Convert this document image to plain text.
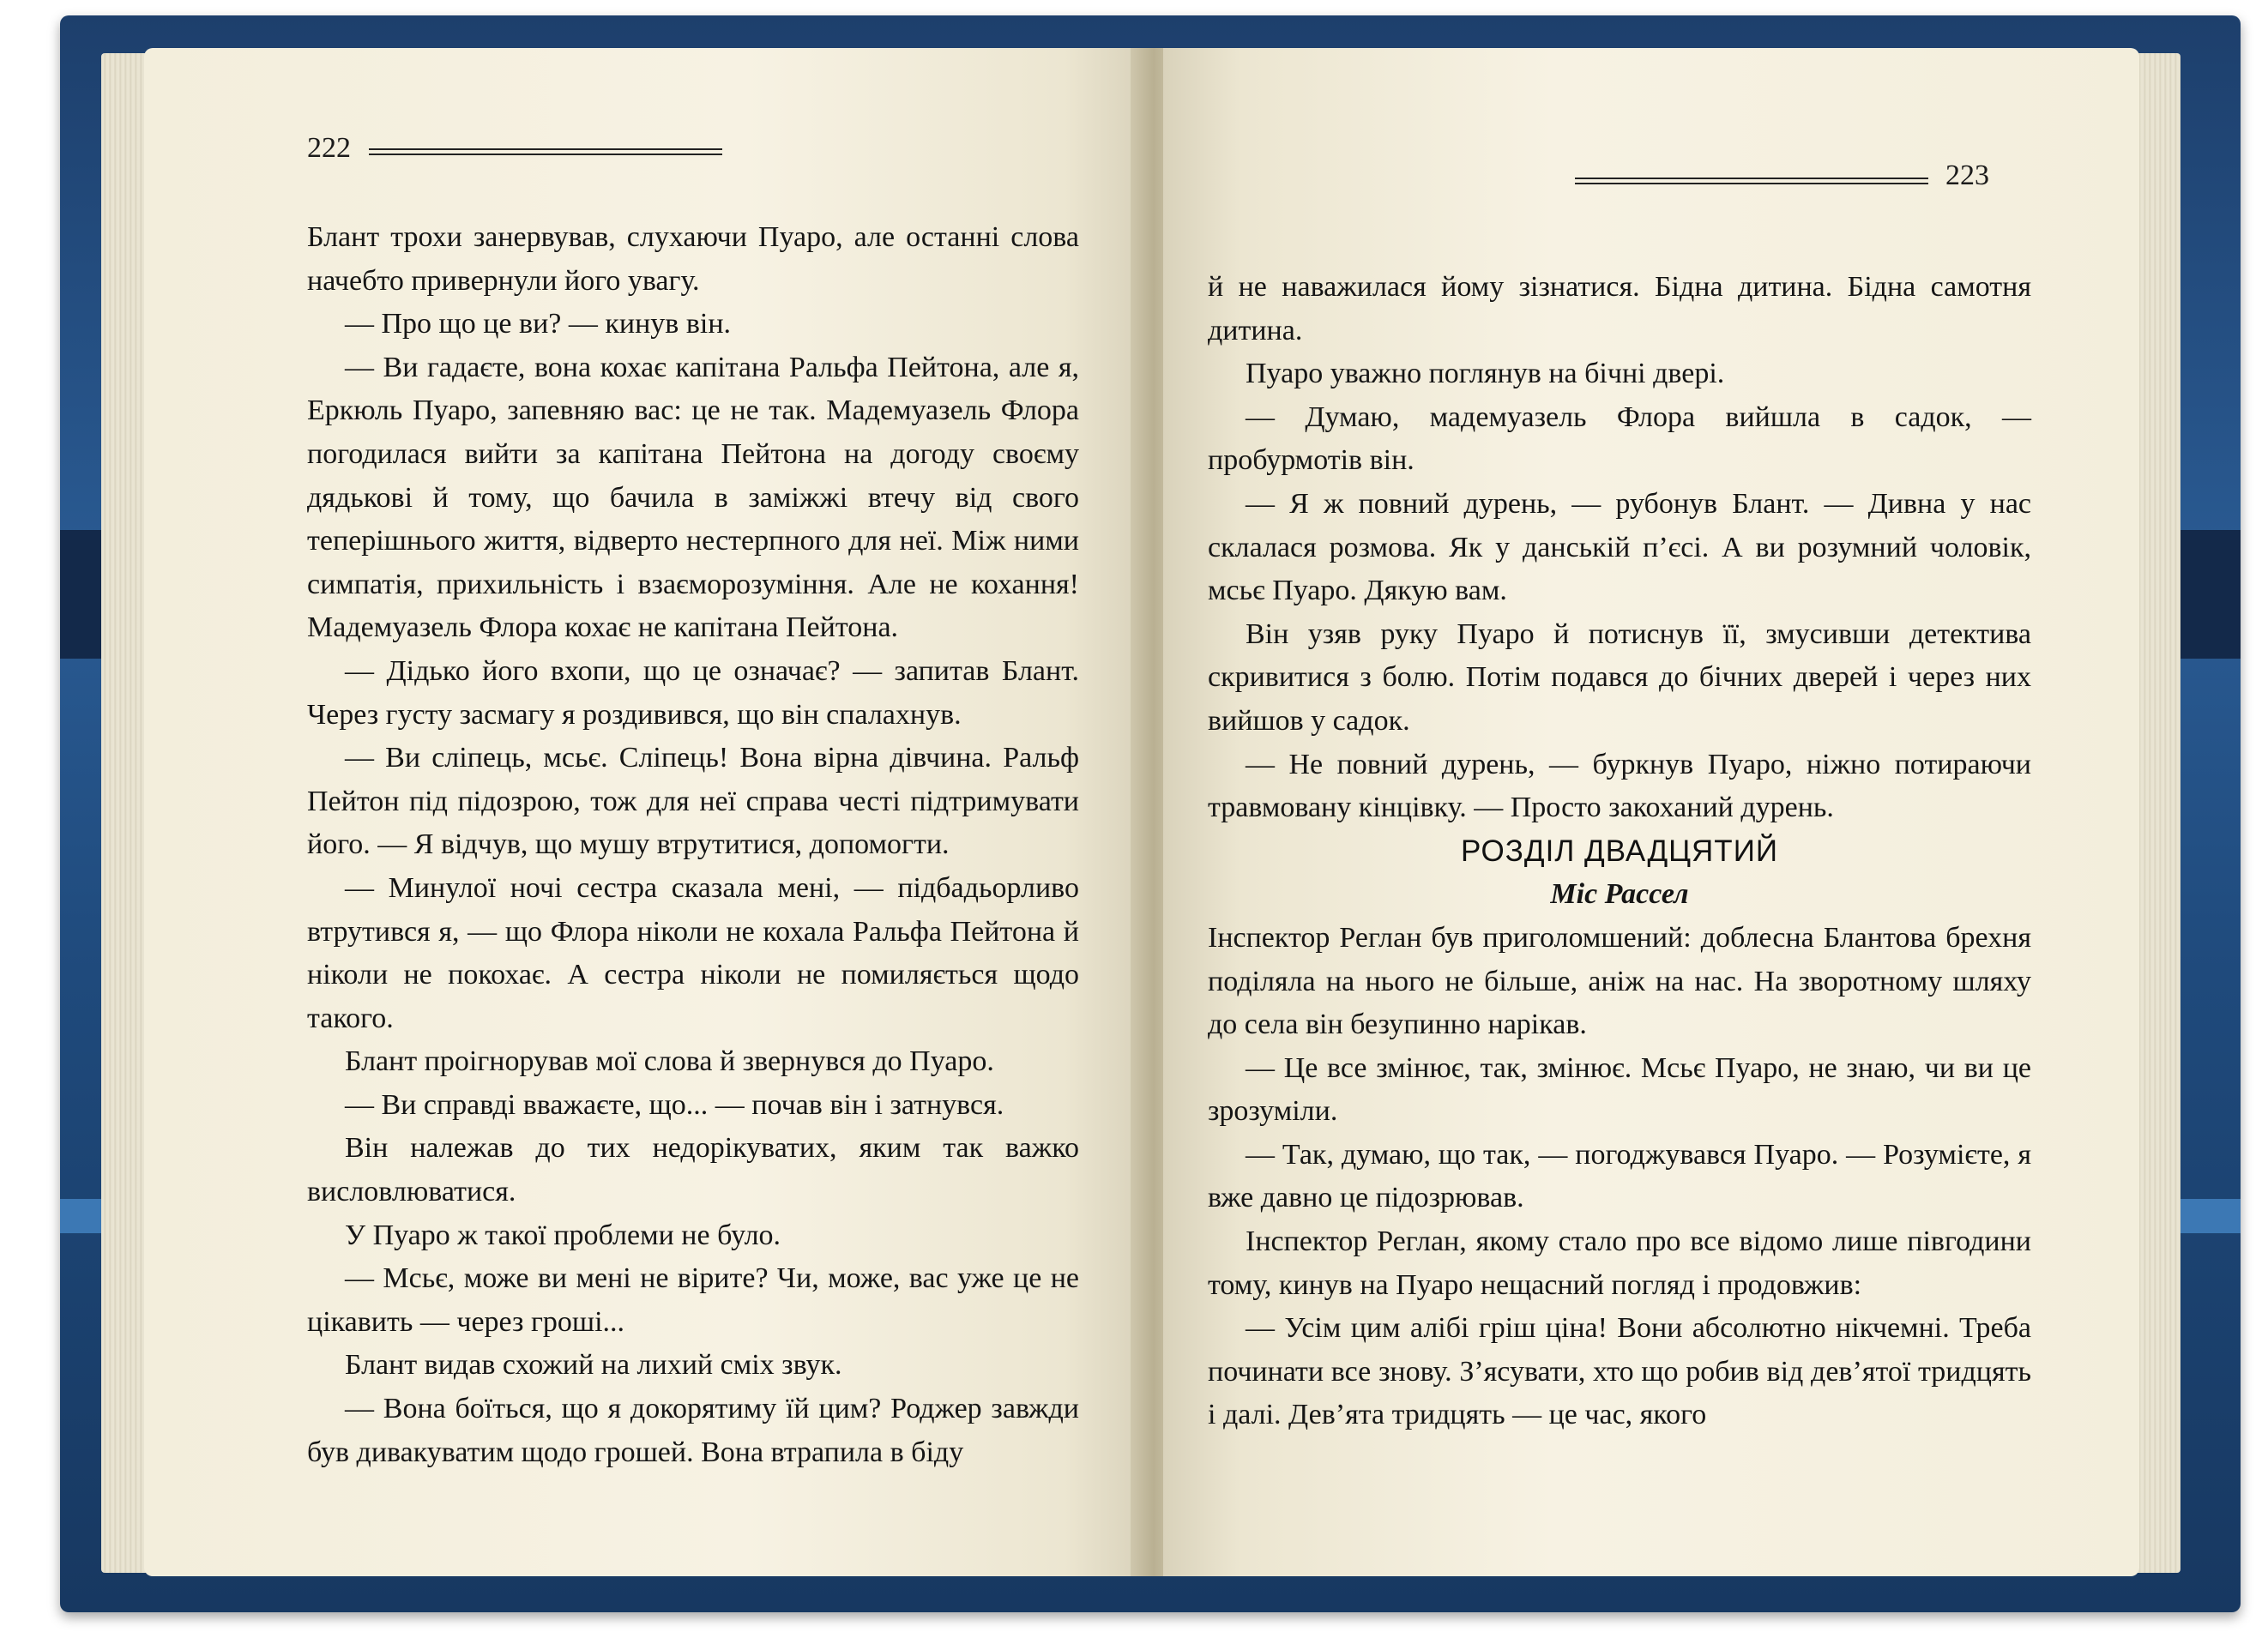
222

Блант трохи занервував, слухаючи Пуаро, але останні слова начебто привернули його увагу.

— Про що це ви? — кинув він.

— Ви гадаєте, вона кохає капітана Ральфа Пейтона, але я, Еркюль Пуаро, запевняю вас: це не так. Мадемуазель Флора погодилася вийти за капітана Пейтона на догоду своєму дядькові й тому, що бачила в заміжжі втечу від свого теперішнього життя, відверто нестерпного для неї. Між ними симпатія, прихильність і взаєморозуміння. Але не кохання! Мадемуазель Флора кохає не капітана Пейтона.

— Дідько його вхопи, що це означає? — запитав Блант. Через густу засмагу я роздивився, що він спалахнув.

— Ви сліпець, мсьє. Сліпець! Вона вірна дівчина. Ральф Пейтон під підозрою, тож для неї справа честі підтримувати його. — Я відчув, що мушу втрутитися, допомогти.

— Минулої ночі сестра сказала мені, — підбадьорливо втрутився я, — що Флора ніколи не кохала Ральфа Пейтона й ніколи не покохає. А сестра ніколи не помиляється щодо такого.

Блант проігнорував мої слова й звернувся до Пуаро.

— Ви справді вважаєте, що... — почав він і затнувся.

Він належав до тих недорікуватих, яким так важко висловлюватися.

У Пуаро ж такої проблеми не було.

— Мсьє, може ви мені не вірите? Чи, може, вас уже це не цікавить — через гроші...

Блант видав схожий на лихий сміх звук.

— Вона боїться, що я докорятиму їй цим? Роджер завжди був дивакуватим щодо грошей. Вона втрапила в біду

223

й не наважилася йому зізнатися. Бідна дитина. Бідна самотня дитина.

Пуаро уважно поглянув на бічні двері.

— Думаю, мадемуазель Флора вийшла в садок, — пробурмотів він.

— Я ж повний дурень, — рубонув Блант. — Дивна у нас склалася розмова. Як у данській п’єсі. А ви розумний чоловік, мсьє Пуаро. Дякую вам.

Він узяв руку Пуаро й потиснув її, змусивши детектива скривитися з болю. Потім подався до бічних дверей і через них вийшов у садок.

— Не повний дурень, — буркнув Пуаро, ніжно потираючи травмовану кінцівку. — Просто закоханий дурень.

РОЗДІЛ ДВАДЦЯТИЙ

Міс Рассел

Інспектор Реглан був приголомшений: доблесна Блантова брехня поділяла на нього не більше, аніж на нас. На зворотному шляху до села він безупинно нарікав.

— Це все змінює, так, змінює. Мсьє Пуаро, не знаю, чи ви це зрозуміли.

— Так, думаю, що так, — погоджувався Пуаро. — Розумієте, я вже давно це підозрював.

Інспектор Реглан, якому стало про все відомо лише півгодини тому, кинув на Пуаро нещасний погляд і продовжив:

— Усім цим алібі гріш ціна! Вони абсолютно нікчемні. Треба починати все знову. З’ясувати, хто що робив від дев’ятої тридцять і далі. Дев’ята тридцять — це час, якого
